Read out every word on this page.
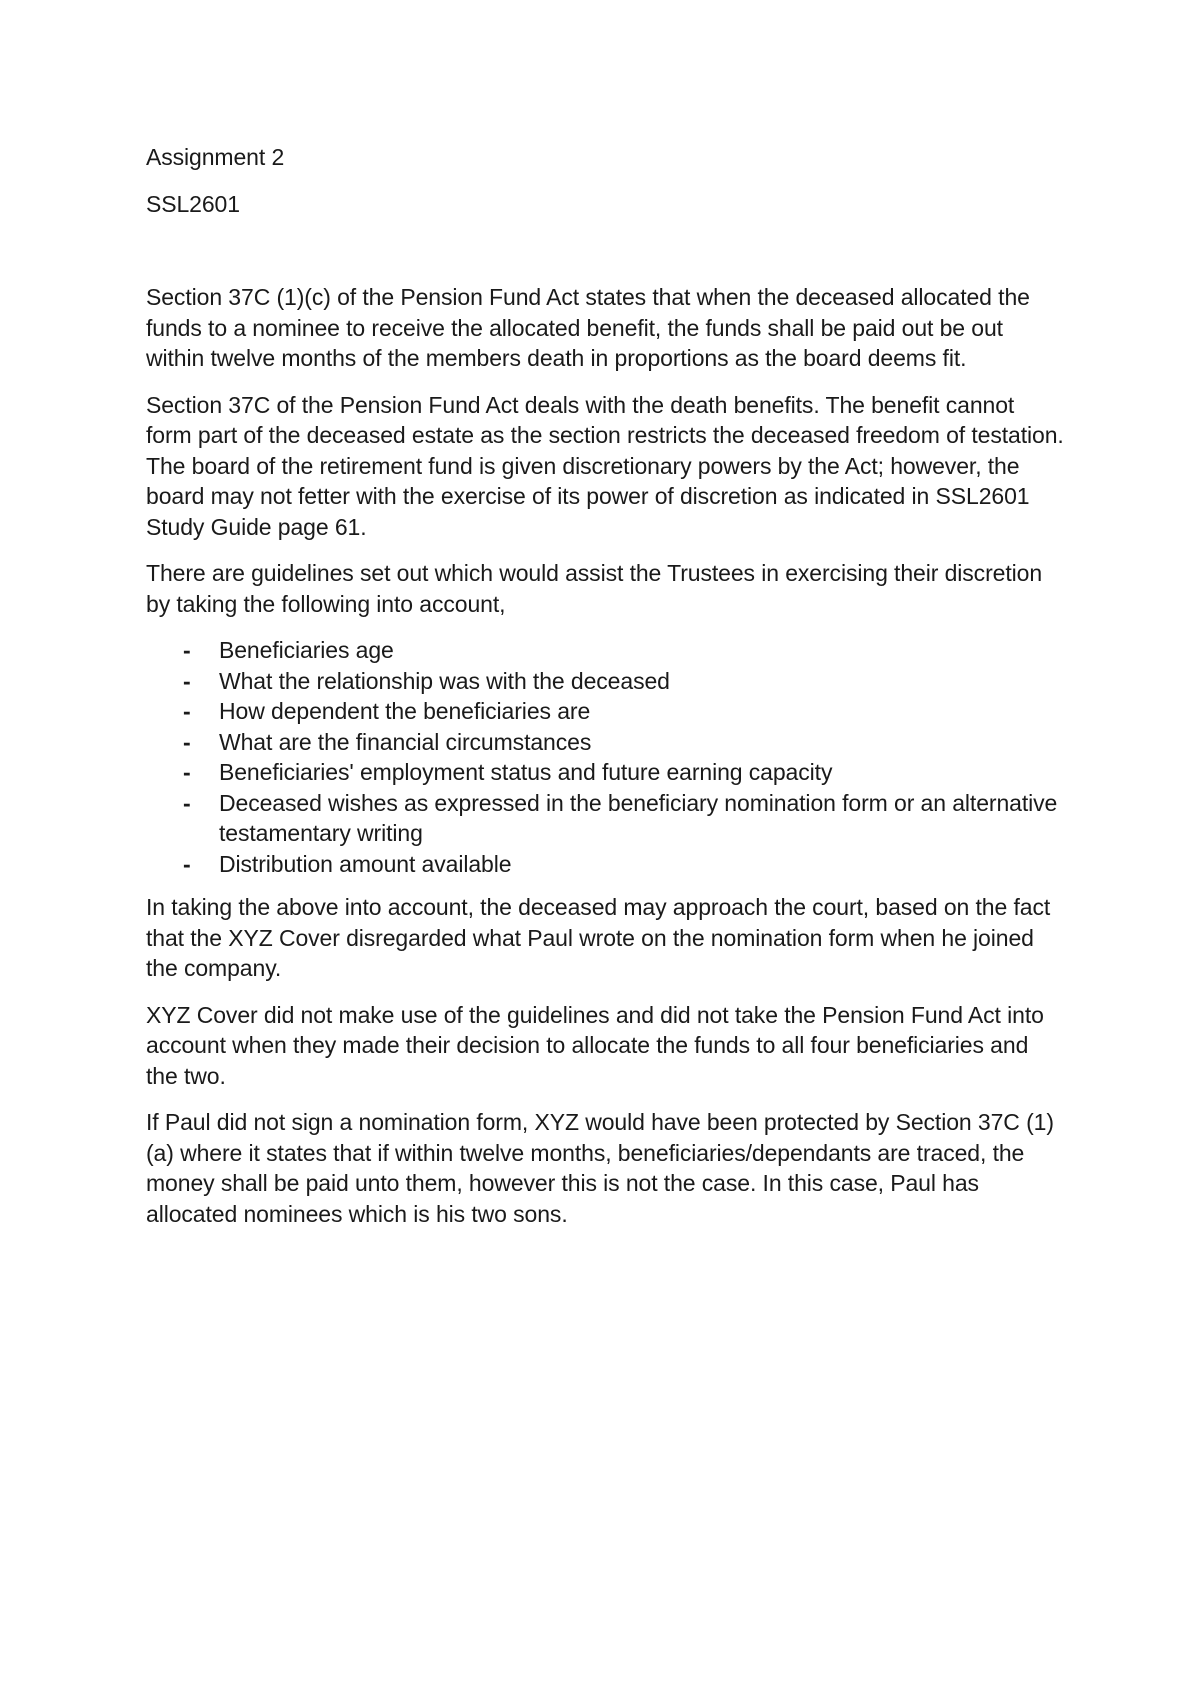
Assignment 2

SSL2601

Section 37C (1)(c) of the Pension Fund Act states that when the deceased allocated the funds to a nominee to receive the allocated benefit, the funds shall be paid out be out within twelve months of the members death in proportions as the board deems fit.

Section 37C of the Pension Fund Act deals with the death benefits. The benefit cannot form part of the deceased estate as the section restricts the deceased freedom of testation. The board of the retirement fund is given discretionary powers by the Act; however, the board may not fetter with the exercise of its power of discretion as indicated in SSL2601 Study Guide page 61.

There are guidelines set out which would assist the Trustees in exercising their discretion by taking the following into account,

- Beneficiaries age
- What the relationship was with the deceased
- How dependent the beneficiaries are
- What are the financial circumstances
- Beneficiaries' employment status and future earning capacity
- Deceased wishes as expressed in the beneficiary nomination form or an alternative testamentary writing
- Distribution amount available

In taking the above into account, the deceased may approach the court, based on the fact that the XYZ Cover disregarded what Paul wrote on the nomination form when he joined the company.

XYZ Cover did not make use of the guidelines and did not take the Pension Fund Act into account when they made their decision to allocate the funds to all four beneficiaries and the two.

If Paul did not sign a nomination form, XYZ would have been protected by Section 37C (1)(a) where it states that if within twelve months, beneficiaries/dependants are traced, the money shall be paid unto them, however this is not the case. In this case, Paul has allocated nominees which is his two sons.
